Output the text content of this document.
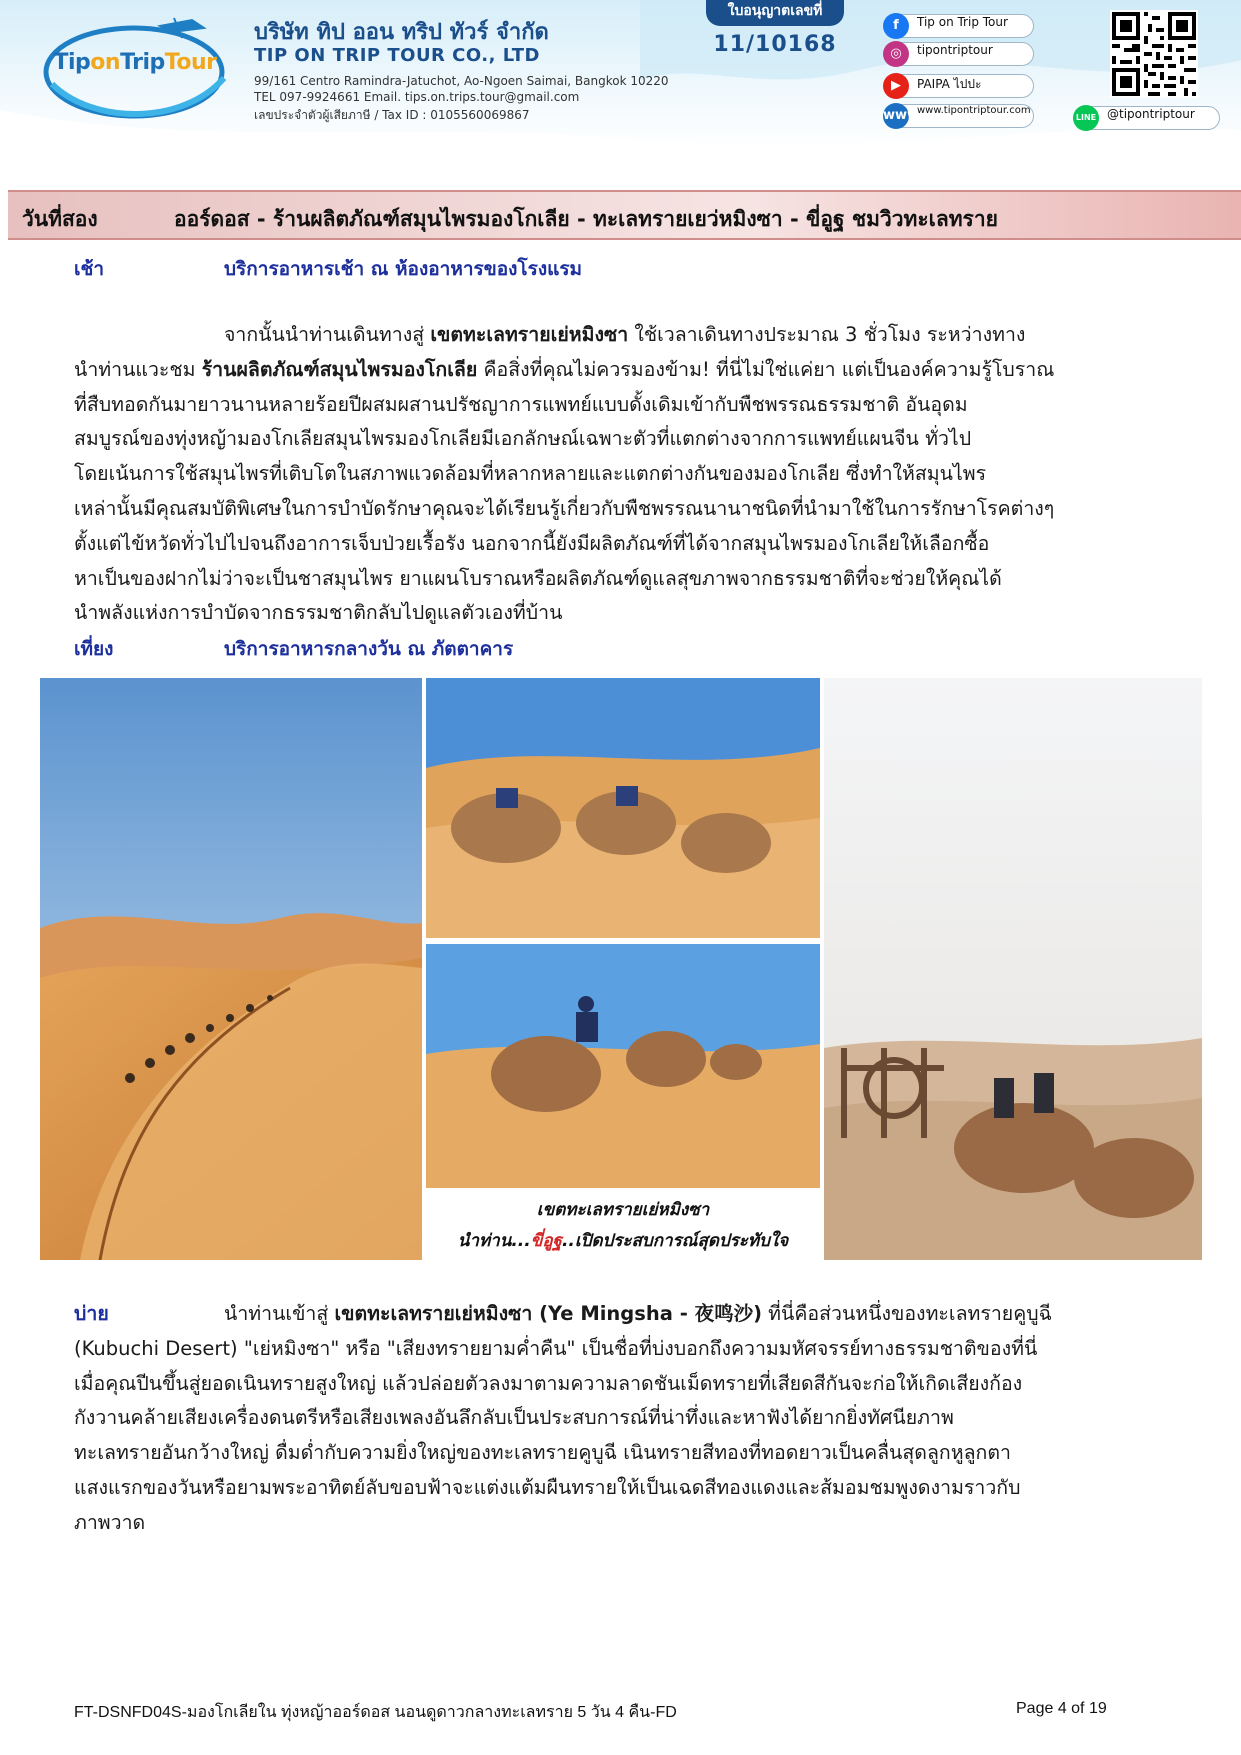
TiponTripTour
บริษัท ทิป ออน ทริป ทัวร์ จำกัด
TIP ON TRIP TOUR CO., LTD
99/161 Centro Ramindra-Jatuchot, Ao-Ngoen Saimai, Bangkok 10220
TEL 097-9924661 Email. tips.on.trips.tour@gmail.com
เลขประจำตัวผู้เสียภาษี / Tax ID : 0105560069867
ใบอนุญาตเลขที่
11/10168
f	Tip on Trip Tour
◎	tipontriptour
▶	PAIPA ไปปะ
www
www.tipontriptour.com
LINE @tipontriptour
วันที่สอง	ออร์ดอส - ร้านผลิตภัณฑ์สมุนไพรมองโกเลีย - ทะเลทรายเยว่หมิงซา - ขี่อูฐ ชมวิวทะเลทราย
เช้า	บริการอาหารเช้า ณ ห้องอาหารของโรงแรม
จากนั้นนำท่านเดินทางสู่ เขตทะเลทรายเย่หมิงซา ใช้เวลาเดินทางประมาณ 3 ชั่วโมง ระหว่างทาง
นำท่านแวะชม ร้านผลิตภัณฑ์สมุนไพรมองโกเลีย คือสิ่งที่คุณไม่ควรมองข้าม! ที่นี่ไม่ใช่แค่ยา แต่เป็นองค์ความรู้โบราณ
ที่สืบทอดกันมายาวนานหลายร้อยปีผสมผสานปรัชญาการแพทย์แบบดั้งเดิมเข้ากับพืชพรรณธรรมชาติ อันอุดม
สมบูรณ์ของทุ่งหญ้ามองโกเลียสมุนไพรมองโกเลียมีเอกลักษณ์เฉพาะตัวที่แตกต่างจากการแพทย์แผนจีน ทั่วไป
โดยเน้นการใช้สมุนไพรที่เติบโตในสภาพแวดล้อมที่หลากหลายและแตกต่างกันของมองโกเลีย ซึ่งทำให้สมุนไพร
เหล่านั้นมีคุณสมบัติพิเศษในการบำบัดรักษาคุณจะได้เรียนรู้เกี่ยวกับพืชพรรณนานาชนิดที่นำมาใช้ในการรักษาโรคต่างๆ
ตั้งแต่ไข้หวัดทั่วไปไปจนถึงอาการเจ็บป่วยเรื้อรัง นอกจากนี้ยังมีผลิตภัณฑ์ที่ได้จากสมุนไพรมองโกเลียให้เลือกซื้อ
หาเป็นของฝากไม่ว่าจะเป็นชาสมุนไพร ยาแผนโบราณหรือผลิตภัณฑ์ดูแลสุขภาพจากธรรมชาติที่จะช่วยให้คุณได้
นำพลังแห่งการบำบัดจากธรรมชาติกลับไปดูแลตัวเองที่บ้าน
เที่ยง	บริการอาหารกลางวัน ณ ภัตตาคาร
เขตทะเลทรายเย่หมิงซา
นำท่าน...ขี่อูฐ..เปิดประสบการณ์สุดประทับใจ
บ่าย	นำท่านเข้าสู่ เขตทะเลทรายเย่หมิงซา (Ye Mingsha - 夜鸣沙) ที่นี่คือส่วนหนึ่งของทะเลทรายคูบูฉี
(Kubuchi Desert) "เย่หมิงซา" หรือ "เสียงทรายยามค่ำคืน" เป็นชื่อที่บ่งบอกถึงความมหัศจรรย์ทางธรรมชาติของที่นี่
เมื่อคุณปีนขึ้นสู่ยอดเนินทรายสูงใหญ่ แล้วปล่อยตัวลงมาตามความลาดชันเม็ดทรายที่เสียดสีกันจะก่อให้เกิดเสียงก้อง
กังวานคล้ายเสียงเครื่องดนตรีหรือเสียงเพลงอันลึกลับเป็นประสบการณ์ที่น่าทึ่งและหาฟังได้ยากยิ่งทัศนียภาพ
ทะเลทรายอันกว้างใหญ่ ดื่มด่ำกับความยิ่งใหญ่ของทะเลทรายคูบูฉี เนินทรายสีทองที่ทอดยาวเป็นคลื่นสุดลูกหูลูกตา
แสงแรกของวันหรือยามพระอาทิตย์ลับขอบฟ้าจะแต่งแต้มผืนทรายให้เป็นเฉดสีทองแดงและส้มอมชมพูงดงามราวกับ
ภาพวาด
FT-DSNFD04S-มองโกเลียใน ทุ่งหญ้าออร์ดอส นอนดูดาวกลางทะเลทราย 5 วัน 4 คืน-FD	Page 4 of 19
